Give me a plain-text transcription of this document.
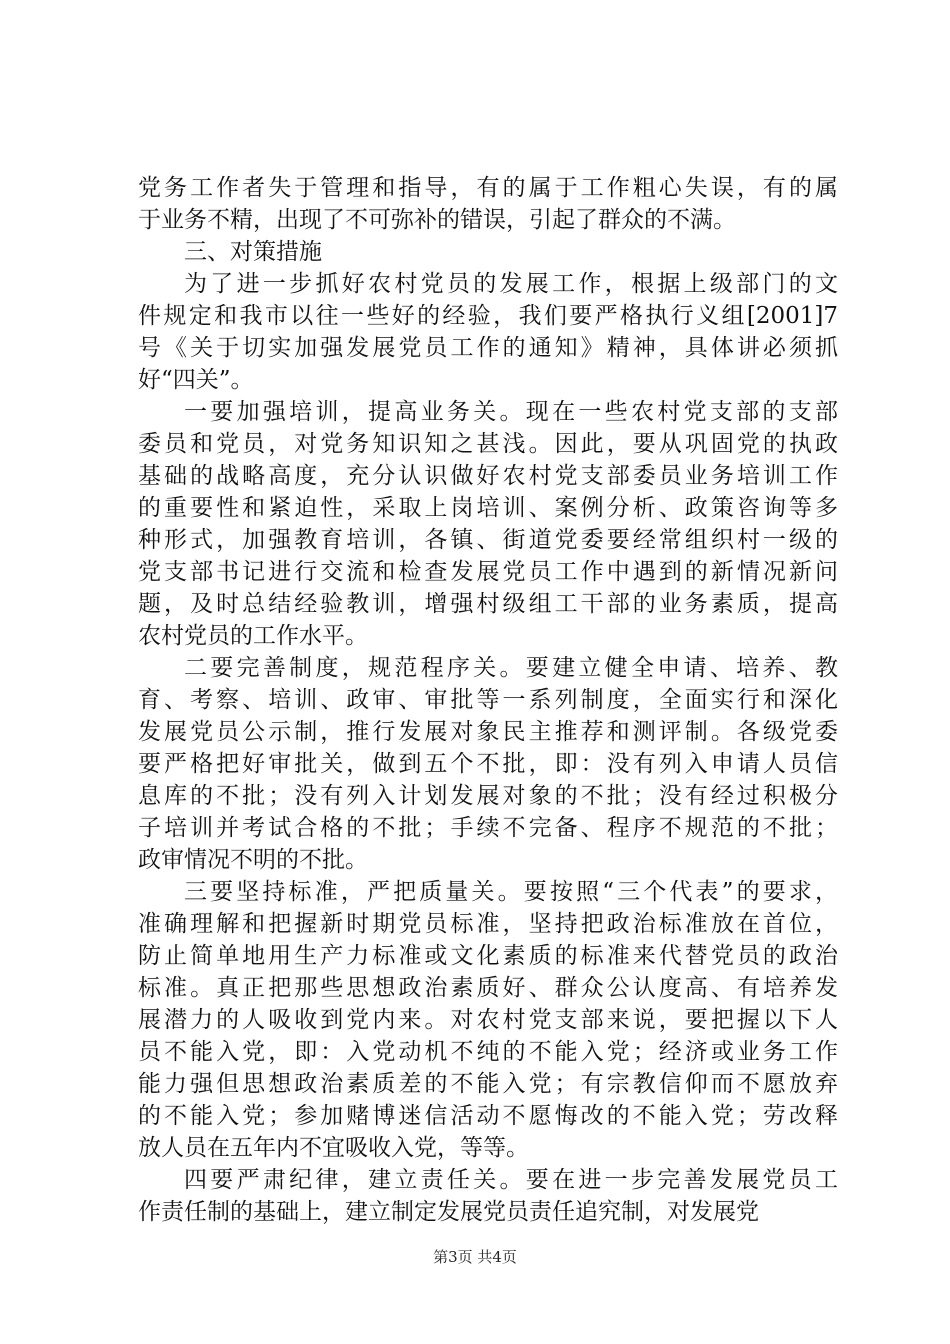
党务工作者失于管理和指导，有的属于工作粗心失误，有的属
于业务不精，出现了不可弥补的错误，引起了群众的不满。
三、对策措施
为了进一步抓好农村党员的发展工作，根据上级部门的文
件规定和我市以往一些好的经验，我们要严格执行义组[2001]7
号《关于切实加强发展党员工作的通知》精神，具体讲必须抓
好“四关”。
一要加强培训，提高业务关。现在一些农村党支部的支部
委员和党员，对党务知识知之甚浅。因此，要从巩固党的执政
基础的战略高度，充分认识做好农村党支部委员业务培训工作
的重要性和紧迫性，采取上岗培训、案例分析、政策咨询等多
种形式，加强教育培训，各镇、街道党委要经常组织村一级的
党支部书记进行交流和检查发展党员工作中遇到的新情况新问
题，及时总结经验教训，增强村级组工干部的业务素质，提高
农村党员的工作水平。
二要完善制度，规范程序关。要建立健全申请、培养、教
育、考察、培训、政审、审批等一系列制度，全面实行和深化
发展党员公示制，推行发展对象民主推荐和测评制。各级党委
要严格把好审批关，做到五个不批，即：没有列入申请人员信
息库的不批；没有列入计划发展对象的不批；没有经过积极分
子培训并考试合格的不批；手续不完备、程序不规范的不批；
政审情况不明的不批。
三要坚持标准，严把质量关。要按照“三个代表”的要求，
准确理解和把握新时期党员标准，坚持把政治标准放在首位，
防止简单地用生产力标准或文化素质的标准来代替党员的政治
标准。真正把那些思想政治素质好、群众公认度高、有培养发
展潜力的人吸收到党内来。对农村党支部来说，要把握以下人
员不能入党，即：入党动机不纯的不能入党；经济或业务工作
能力强但思想政治素质差的不能入党；有宗教信仰而不愿放弃
的不能入党；参加赌博迷信活动不愿悔改的不能入党；劳改释
放人员在五年内不宜吸收入党，等等。
四要严肃纪律，建立责任关。要在进一步完善发展党员工
作责任制的基础上，建立制定发展党员责任追究制，对发展党
第3页 共4页
